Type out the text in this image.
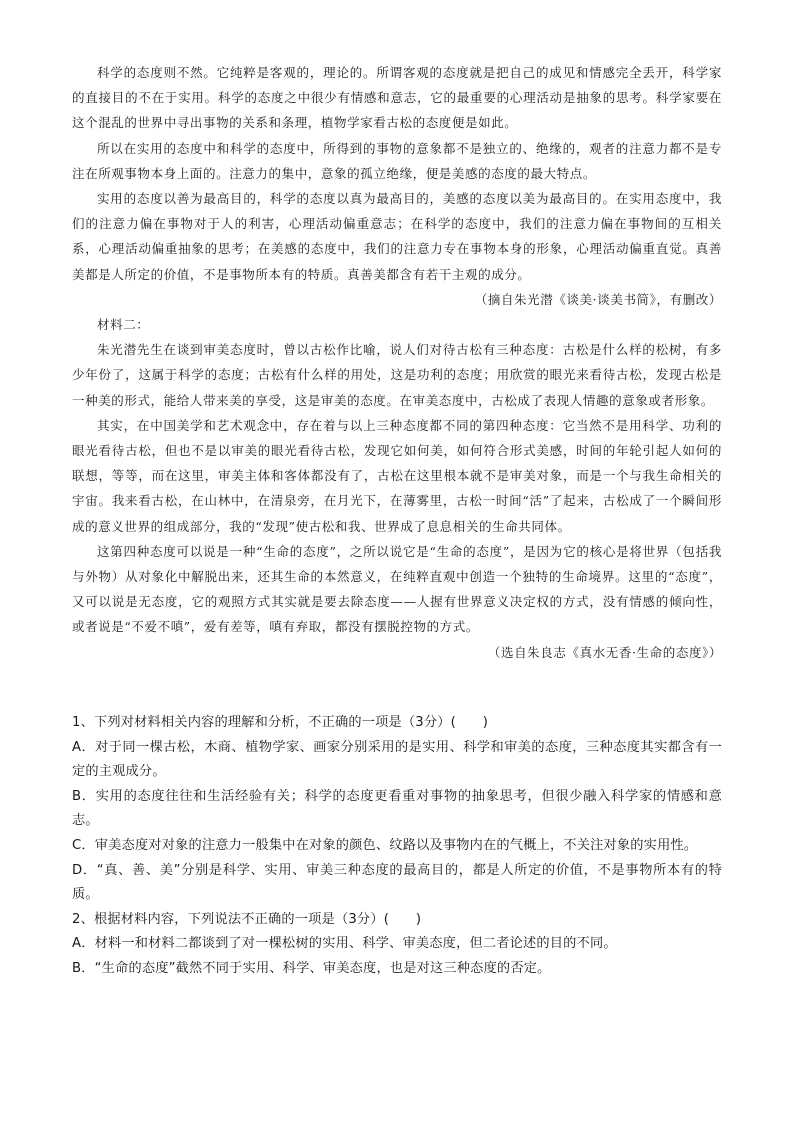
科学的态度则不然。它纯粹是客观的，理论的。所谓客观的态度就是把自己的成见和情感完全丢开，科学家的直接目的不在于实用。科学的态度之中很少有情感和意志，它的最重要的心理活动是抽象的思考。科学家要在这个混乱的世界中寻出事物的关系和条理，植物学家看古松的态度便是如此。

所以在实用的态度中和科学的态度中，所得到的事物的意象都不是独立的、绝缘的，观者的注意力都不是专注在所观事物本身上面的。注意力的集中，意象的孤立绝缘，便是美感的态度的最大特点。

实用的态度以善为最高目的，科学的态度以真为最高目的，美感的态度以美为最高目的。在实用态度中，我们的注意力偏在事物对于人的利害，心理活动偏重意志；在科学的态度中，我们的注意力偏在事物间的互相关系，心理活动偏重抽象的思考；在美感的态度中，我们的注意力专在事物本身的形象，心理活动偏重直觉。真善美都是人所定的价值，不是事物所本有的特质。真善美都含有若干主观的成分。

（摘自朱光潜《谈美·谈美书简》，有删改）

材料二：

朱光潜先生在谈到审美态度时，曾以古松作比喻，说人们对待古松有三种态度：古松是什么样的松树，有多少年份了，这属于科学的态度；古松有什么样的用处，这是功利的态度；用欣赏的眼光来看待古松，发现古松是一种美的形式，能给人带来美的享受，这是审美的态度。在审美态度中，古松成了表现人情趣的意象或者形象。

其实，在中国美学和艺术观念中，存在着与以上三种态度都不同的第四种态度：它当然不是用科学、功利的眼光看待古松，但也不是以审美的眼光看待古松，发现它如何美，如何符合形式美感，时间的年轮引起人如何的联想，等等，而在这里，审美主体和客体都没有了，古松在这里根本就不是审美对象，而是一个与我生命相关的宇宙。我来看古松，在山林中，在清泉旁，在月光下，在薄雾里，古松一时间“活”了起来，古松成了一个瞬间形成的意义世界的组成部分，我的“发现”使古松和我、世界成了息息相关的生命共同体。

这第四种态度可以说是一种“生命的态度”，之所以说它是“生命的态度”，是因为它的核心是将世界（包括我与外物）从对象化中解脱出来，还其生命的本然意义，在纯粹直观中创造一个独特的生命境界。这里的“态度”，又可以说是无态度，它的观照方式其实就是要去除态度——人握有世界意义决定权的方式，没有情感的倾向性，或者说是“不爱不嗔”，爱有差等，嗔有弃取，都没有摆脱控物的方式。

（选自朱良志《真水无香·生命的态度》）

1、下列对材料相关内容的理解和分析，不正确的一项是（3分）(　　)

A．对于同一棵古松，木商、植物学家、画家分别采用的是实用、科学和审美的态度，三种态度其实都含有一定的主观成分。

B．实用的态度往往和生活经验有关；科学的态度更看重对事物的抽象思考，但很少融入科学家的情感和意志。

C．审美态度对对象的注意力一般集中在对象的颜色、纹路以及事物内在的气概上，不关注对象的实用性。

D．“真、善、美”分别是科学、实用、审美三种态度的最高目的，都是人所定的价值，不是事物所本有的特质。

2、根据材料内容，下列说法不正确的一项是（3分）(　　)

A．材料一和材料二都谈到了对一棵松树的实用、科学、审美态度，但二者论述的目的不同。

B．“生命的态度”截然不同于实用、科学、审美态度，也是对这三种态度的否定。
